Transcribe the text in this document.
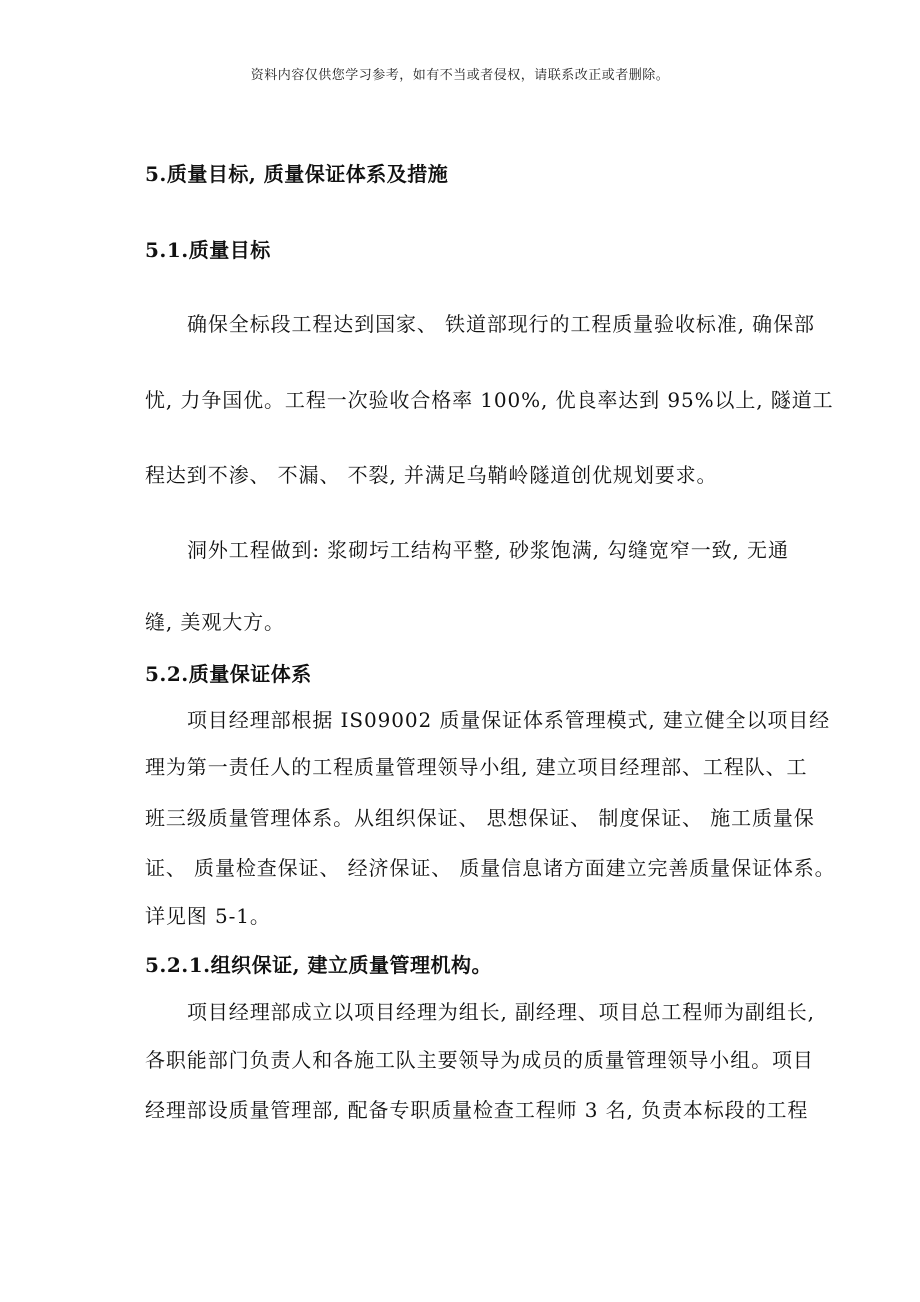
资料内容仅供您学习参考，如有不当或者侵权，请联系改正或者删除。
5.质量目标, 质量保证体系及措施
5.1.质量目标
确保全标段工程达到国家、 铁道部现行的工程质量验收标准, 确保部
忧, 力争国优。工程一次验收合格率 100%, 优良率达到 95%以上, 隧道工
程达到不渗、 不漏、 不裂, 并满足乌鞘岭隧道创优规划要求。
洞外工程做到: 浆砌圬工结构平整, 砂浆饱满, 勾缝宽窄一致, 无通
缝, 美观大方。
5.2.质量保证体系
项目经理部根据 IS09002 质量保证体系管理模式, 建立健全以项目经
理为第一责任人的工程质量管理领导小组, 建立项目经理部、工程队、工
班三级质量管理体系。从组织保证、 思想保证、 制度保证、 施工质量保
证、 质量检查保证、 经济保证、 质量信息诸方面建立完善质量保证体系。
详见图 5-1。
5.2.1.组织保证, 建立质量管理机构。
项目经理部成立以项目经理为组长, 副经理、项目总工程师为副组长,
各职能部门负责人和各施工队主要领导为成员的质量管理领导小组。项目
经理部设质量管理部, 配备专职质量检查工程师 3 名, 负责本标段的工程
